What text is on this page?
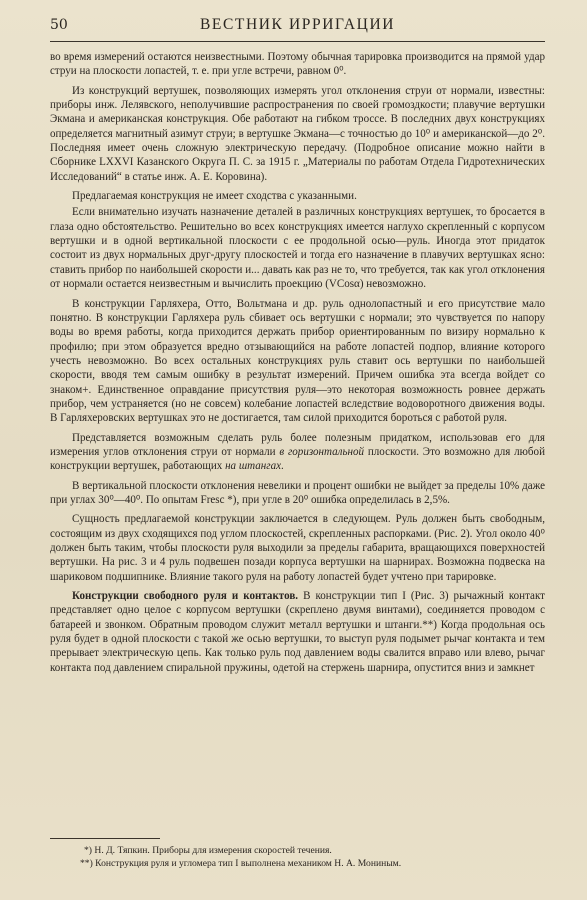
50	ВЕСТНИК ИРРИГАЦИИ

во время измерений остаются неизвестными. Поэтому обычная тарировка производится на прямой удар струи на плоскости лопастей, т. е. при угле встречи, равном 0⁰.

Из конструкций вертушек, позволяющих измерять угол отклонения струи от нормали, известны: приборы инж. Лелявского, неполучившие распространения по своей громоздкости; плавучие вертушки Экмана и американская конструкция. Обе работают на гибком троссе. В последних двух конструкциях определяется магнитный азимут струи; в вертушке Экмана—с точностью до 10⁰ и американской—до 2⁰. Последняя имеет очень сложную электрическую передачу. (Подробное описание можно найти в Сборнике LXXVI Казанского Округа П. С. за 1915 г. „Материалы по работам Отдела Гидротехнических Исследований“ в статье инж. А. Е. Коровина).

Предлагаемая конструкция не имеет сходства с указанными.

Если внимательно изучать назначение деталей в различных конструкциях вертушек, то бросается в глаза одно обстоятельство. Решительно во всех конструкциях имеется наглухо скрепленный с корпусом вертушки и в одной вертикальной плоскости с ее продольной осью—руль. Иногда этот придаток состоит из двух нормальных друг-другу плоскостей и тогда его назначение в плавучих вертушках ясно: ставить прибор по наибольшей скорости и... давать как раз не то, что требуется, так как угол отклонения от нормали остается неизвестным и вычислить проекцию (VCosα) невозможно.

В конструкции Гарляхера, Отто, Вольтмана и др. руль однолопастный и его присутствие мало понятно. В конструкции Гарляхера руль сбивает ось вертушки с нормали; это чувствуется по напору воды во время работы, когда приходится держать прибор ориентированным по визиру нормально к профилю; при этом образуется вредно отзывающийся на работе лопастей подпор, влияние которого учесть невозможно. Во всех остальных конструкциях руль ставит ось вертушки по наибольшей скорости, вводя тем самым ошибку в результат измерений. Причем ошибка эта всегда войдет со знаком+. Единственное оправдание присутствия руля—это некоторая возможность ровнее держать прибор, чем устраняется (но не совсем) колебание лопастей вследствие водоворотного движения воды. В Гарляхеровских вертушках это не достигается, там силой приходится бороться с работой руля.

Представляется возможным сделать руль более полезным придатком, использовав его для измерения углов отклонения струи от нормали в горизонтальной плоскости. Это возможно для любой конструкции вертушек, работающих на штангах.

В вертикальной плоскости отклонения невелики и процент ошибки не выйдет за пределы 10% даже при углах 30⁰—40⁰. По опытам Fresc *), при угле в 20⁰ ошибка определилась в 2,5%.

Сущность предлагаемой конструкции заключается в следующем. Руль должен быть свободным, состоящим из двух сходящихся под углом плоскостей, скрепленных распорками. (Рис. 2). Угол около 40⁰ должен быть таким, чтобы плоскости руля выходили за пределы габарита, вращающихся поверхностей вертушки. На рис. 3 и 4 руль подвешен позади корпуса вертушки на шарнирах. Возможна подвеска на шариковом подшипнике. Влияние такого руля на работу лопастей будет учтено при тарировке.

Конструкции свободного руля и контактов. В конструкции тип I (Рис. 3) рычажный контакт представляет одно целое с корпусом вертушки (скреплено двумя винтами), соединяется проводом с батареей и звонком. Обратным проводом служит металл вертушки и штанги.**) Когда продольная ось руля будет в одной плоскости с такой же осью вертушки, то выступ руля подымет рычаг контакта и тем прерывает электрическую цепь. Как только руль под давлением воды свалится вправо или влево, рычаг контакта под давлением спиральной пружины, одетой на стержень шарнира, опустится вниз и замкнет

*) Н. Д. Тяпкин. Приборы для измерения скоростей течения.
**) Конструкция руля и угломера тип I выполнена механиком Н. А. Мониным.
